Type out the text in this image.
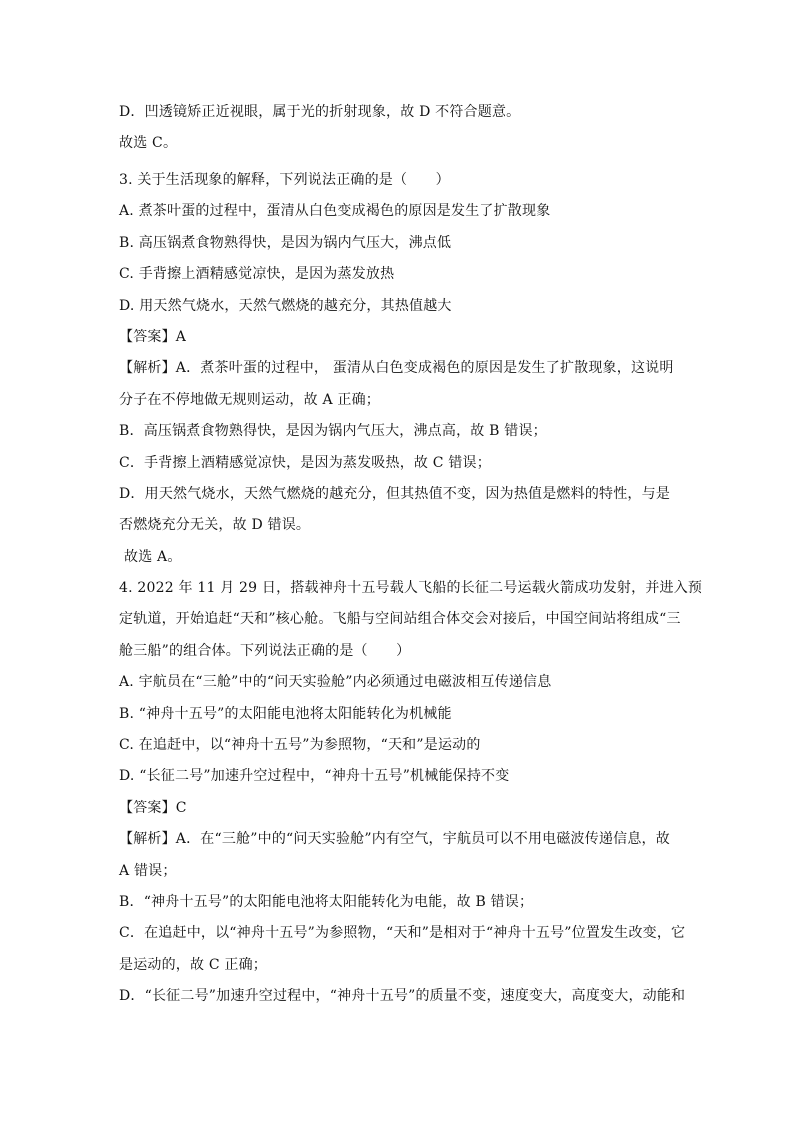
D．凹透镜矫正近视眼，属于光的折射现象，故 D 不符合题意。
故选 C。
3. 关于生活现象的解释，下列说法正确的是（　　）
A. 煮茶叶蛋的过程中，蛋清从白色变成褐色的原因是发生了扩散现象
B. 高压锅煮食物熟得快，是因为锅内气压大，沸点低
C. 手背擦上酒精感觉凉快，是因为蒸发放热
D. 用天然气烧水，天然气燃烧的越充分，其热值越大
【答案】A
【解析】A．煮茶叶蛋的过程中， 蛋清从白色变成褐色的原因是发生了扩散现象，这说明
分子在不停地做无规则运动，故 A 正确；
B．高压锅煮食物熟得快，是因为锅内气压大，沸点高，故 B 错误；
C．手背擦上酒精感觉凉快，是因为蒸发吸热，故 C 错误；
D．用天然气烧水，天然气燃烧的越充分，但其热值不变，因为热值是燃料的特性，与是
否燃烧充分无关，故 D 错误。
故选 A。
4. 2022 年 11 月 29 日，搭载神舟十五号载人飞船的长征二号运载火箭成功发射，并进入预
定轨道，开始追赶“天和”核心舱。飞船与空间站组合体交会对接后，中国空间站将组成“三
舱三船”的组合体。下列说法正确的是（　　）
A. 宇航员在“三舱”中的“问天实验舱”内必须通过电磁波相互传递信息
B. “神舟十五号”的太阳能电池将太阳能转化为机械能
C. 在追赶中，以“神舟十五号”为参照物，“天和”是运动的
D. “长征二号”加速升空过程中，“神舟十五号”机械能保持不变
【答案】C
【解析】A．在“三舱”中的“问天实验舱”内有空气，宇航员可以不用电磁波传递信息，故
A 错误；
B．“神舟十五号”的太阳能电池将太阳能转化为电能，故 B 错误；
C．在追赶中，以“神舟十五号”为参照物，“天和”是相对于“神舟十五号”位置发生改变，它
是运动的，故 C 正确；
D．“长征二号”加速升空过程中，“神舟十五号”的质量不变，速度变大，高度变大，动能和
